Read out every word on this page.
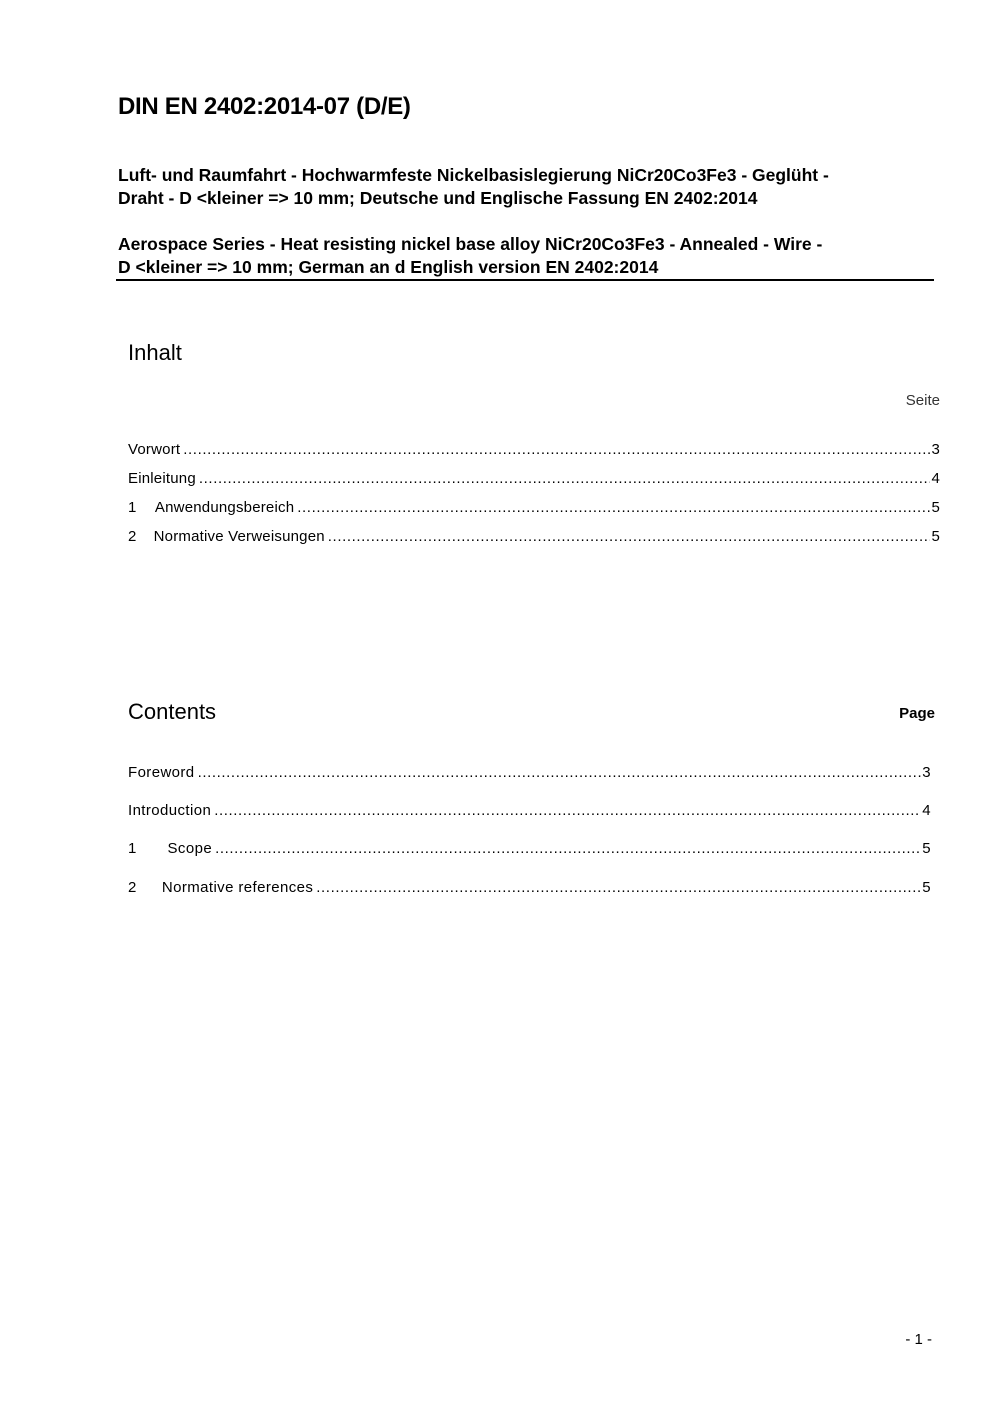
DIN EN 2402:2014-07 (D/E)
Luft- und Raumfahrt - Hochwarmfeste Nickelbasislegierung NiCr20Co3Fe3 - Geglüht -
Draht - D <kleiner => 10 mm; Deutsche und Englische Fassung EN 2402:2014
Aerospace Series - Heat resisting nickel base alloy NiCr20Co3Fe3 - Annealed - Wire -
D <kleiner => 10 mm; German an d English version EN 2402:2014
Inhalt
Seite
Vorwort .....	3
Einleitung .....	4
1	Anwendungsbereich .....	5
2	Normative Verweisungen .....	5
Contents	Page
Foreword .....	3
Introduction .....	4
1	Scope .....	5
2	Normative references .....	5
- 1 -
